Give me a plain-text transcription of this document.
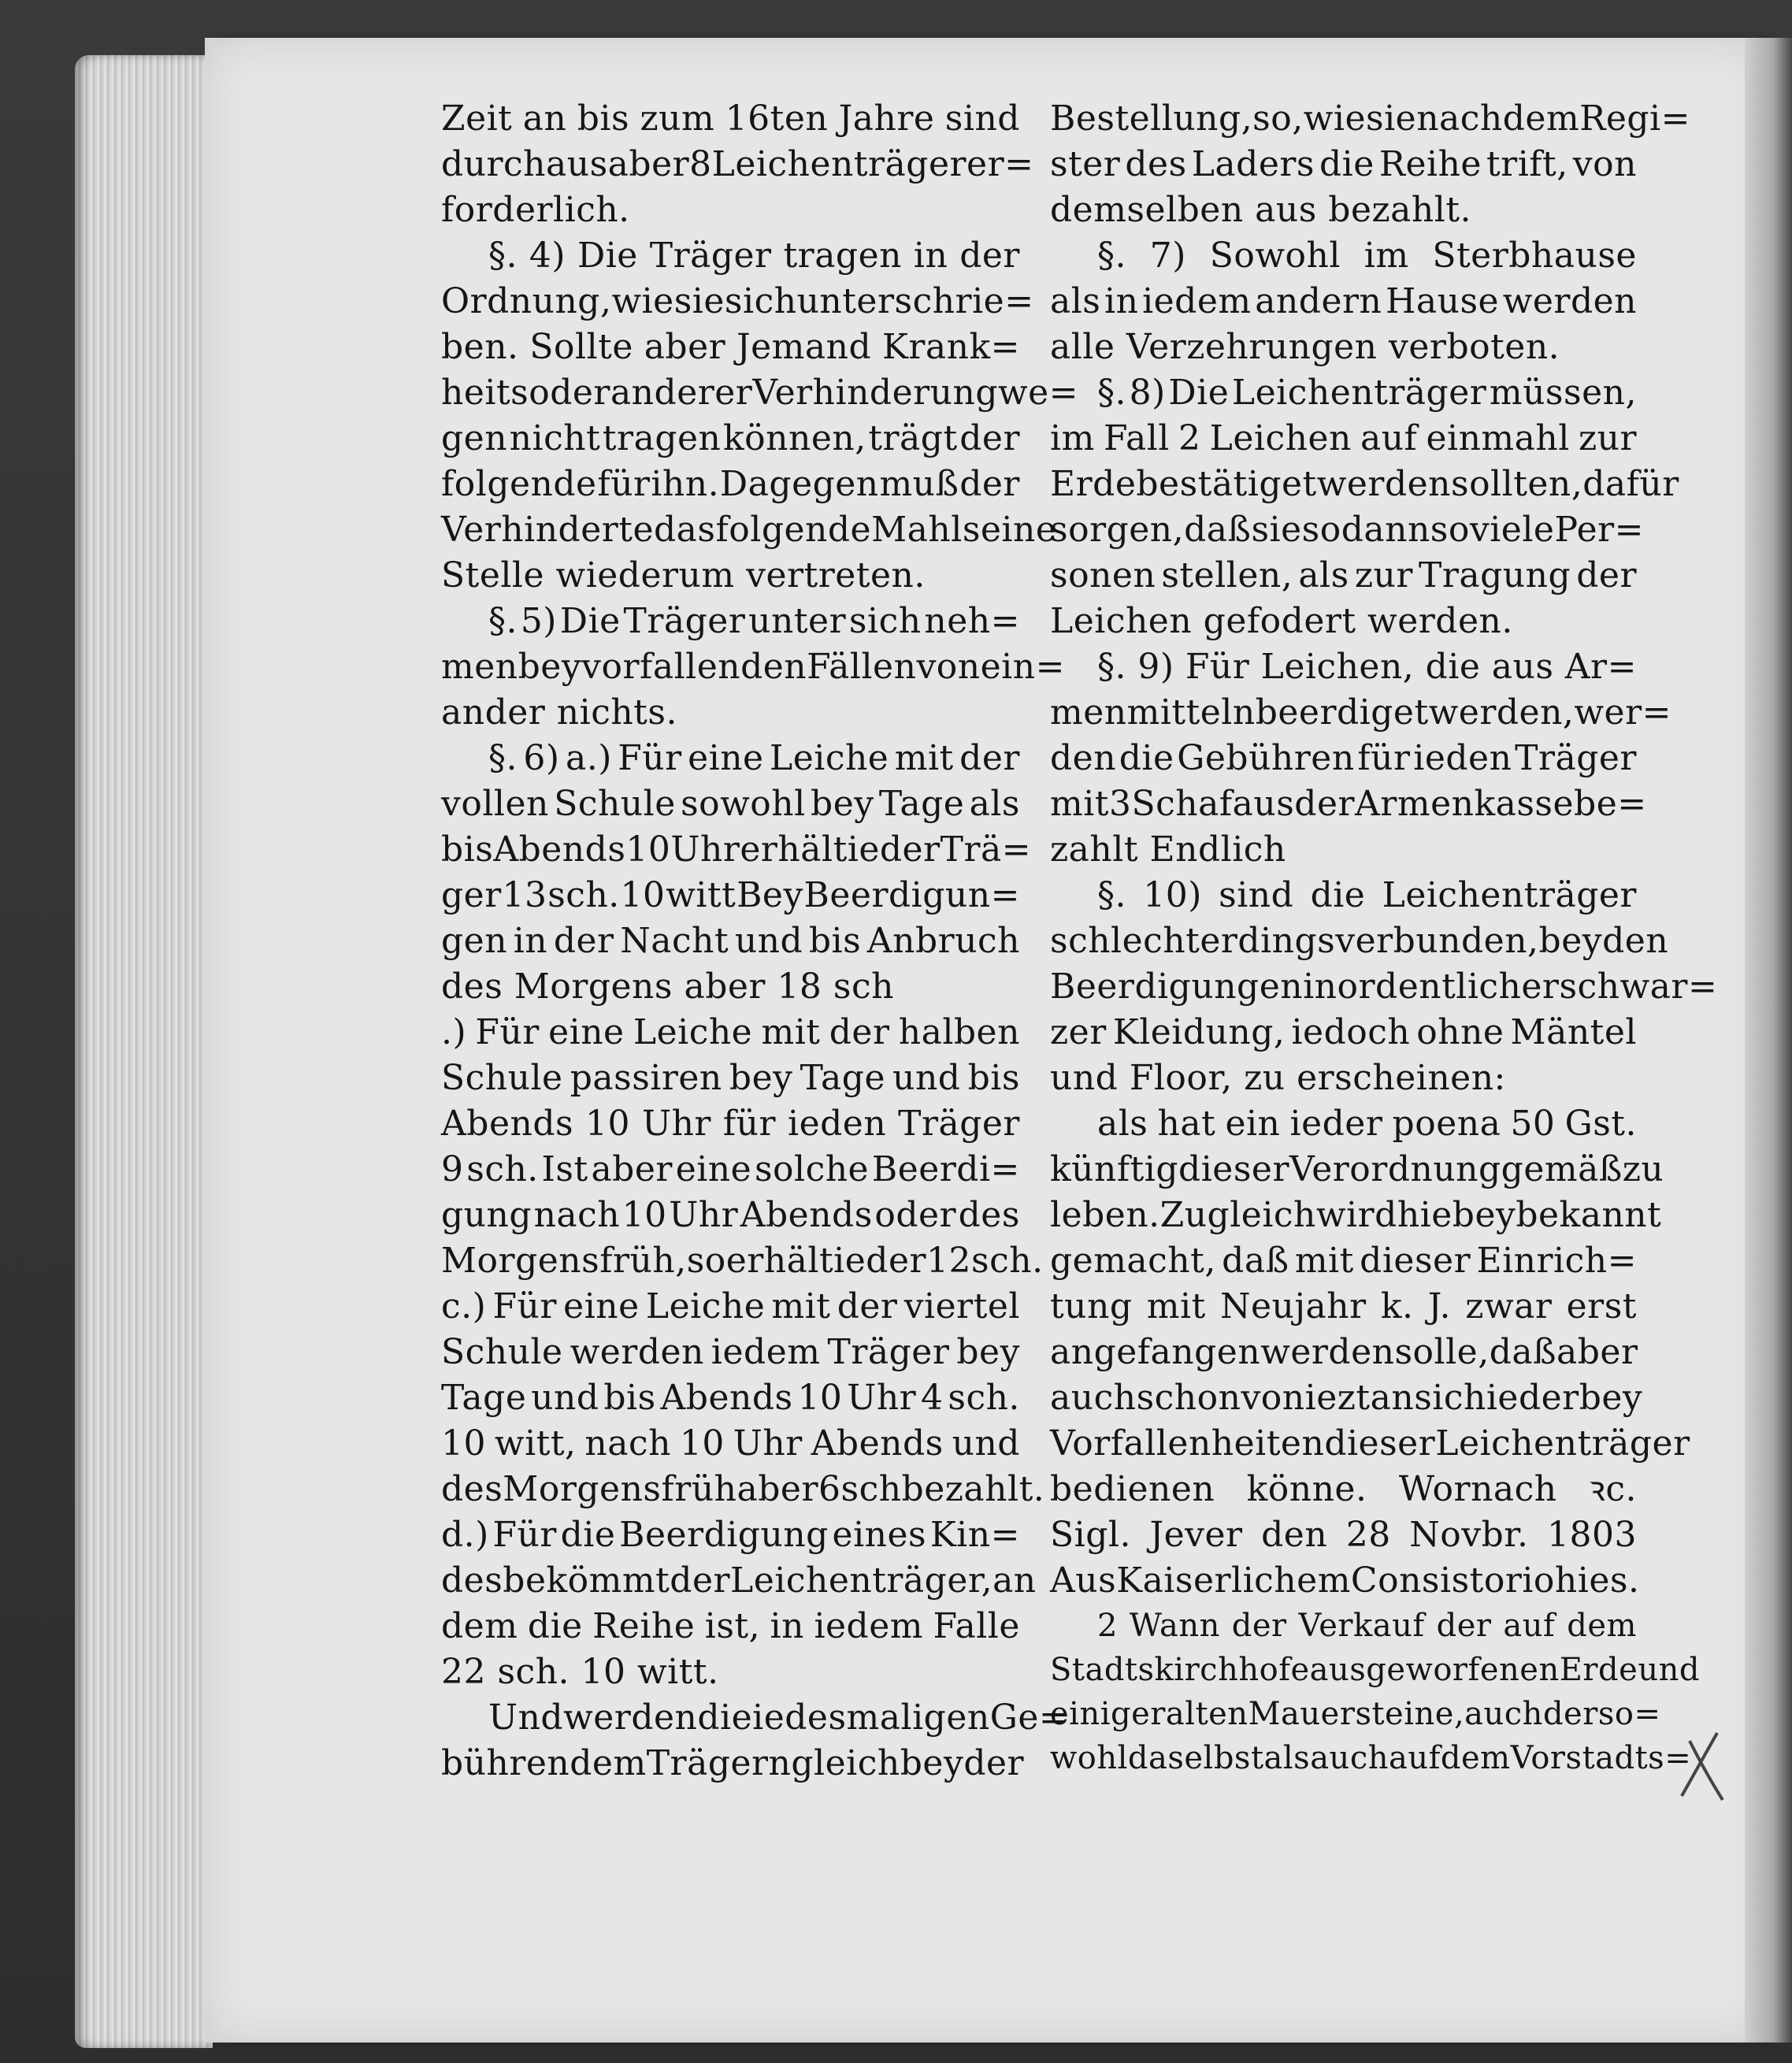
Zeit an bis zum 16ten Jahre sind
durchaus aber 8 Leichenträger er=
forderlich.
§. 4) Die Träger tragen in der
Ordnung, wie sie sich unterschrie=
ben. Sollte aber Jemand Krank=
heits oder anderer Verhinderung we=
gen nicht tragen können, trägt der
folgende für ihn. Dagegen muß der
Verhinderte das folgende Mahl seine
Stelle wiederum vertreten.
§. 5) Die Träger unter sich neh=
men bey vorfallenden Fällen von ein=
ander nichts.
§. 6) a.) Für eine Leiche mit der
vollen Schule sowohl bey Tage als
bis Abends 10 Uhr erhält ieder Trä=
ger 13 sch. 10 witt Bey Beerdigun=
gen in der Nacht und bis Anbruch
des Morgens aber 18 sch
.) Für eine Leiche mit der halben
Schule passiren bey Tage und bis
Abends 10 Uhr für ieden Träger
9 sch. Ist aber eine solche Beerdi=
gung nach 10 Uhr Abends oder des
Morgens früh, so erhält ieder 12 sch.
c.) Für eine Leiche mit der viertel
Schule werden iedem Träger bey
Tage und bis Abends 10 Uhr 4 sch.
10 witt, nach 10 Uhr Abends und
des Morgens früh aber 6 sch bezahlt.
d.) Für die Beerdigung eines Kin=
des bekömmt der Leichenträger, an
dem die Reihe ist, in iedem Falle
22 sch. 10 witt.
Und werden die iedesmaligen Ge=
bühren dem Trägern gleich bey der
Bestellung, so, wie sie nach dem Regi=
ster des Laders die Reihe trift, von
demselben aus bezahlt.
§. 7) Sowohl im Sterbhause
als in iedem andern Hause werden
alle Verzehrungen verboten.
§. 8) Die Leichenträger müssen,
im Fall 2 Leichen auf einmahl zur
Erde bestätiget werden sollten, dafür
sorgen, daß sie sodann so viele Per=
sonen stellen, als zur Tragung der
Leichen gefodert werden.
§. 9) Für Leichen, die aus Ar=
menmitteln beerdiget werden, wer=
den die Gebühren für ieden Träger
mit 3 Schaf aus der Armenkasse be=
zahlt Endlich
§. 10) sind die Leichenträger
schlechterdings verbunden, bey den
Beerdigungen in ordentlicher schwar=
zer Kleidung, iedoch ohne Mäntel
und Floor, zu erscheinen:
als hat ein ieder poena 50 Gst.
künftig dieser Verordnung gemäß zu
leben. Zugleich wird hiebey bekannt
gemacht, daß mit dieser Einrich=
tung mit Neujahr k. J. zwar erst
angefangen werden solle, daß aber
auch schon von iezt an sich ieder bey
Vorfallenheiten dieser Leichenträger
bedienen könne. Wornach ꝛc.
Sigl. Jever den 28 Novbr. 1803
Aus Kaiserlichem Consistorio hies.
2 Wann der Verkauf der auf dem
Stadtskirchhofe ausgeworfenen Erde und
einiger alten Mauersteine, auch der so=
wohl daselbst als auch auf dem Vorstadts=
